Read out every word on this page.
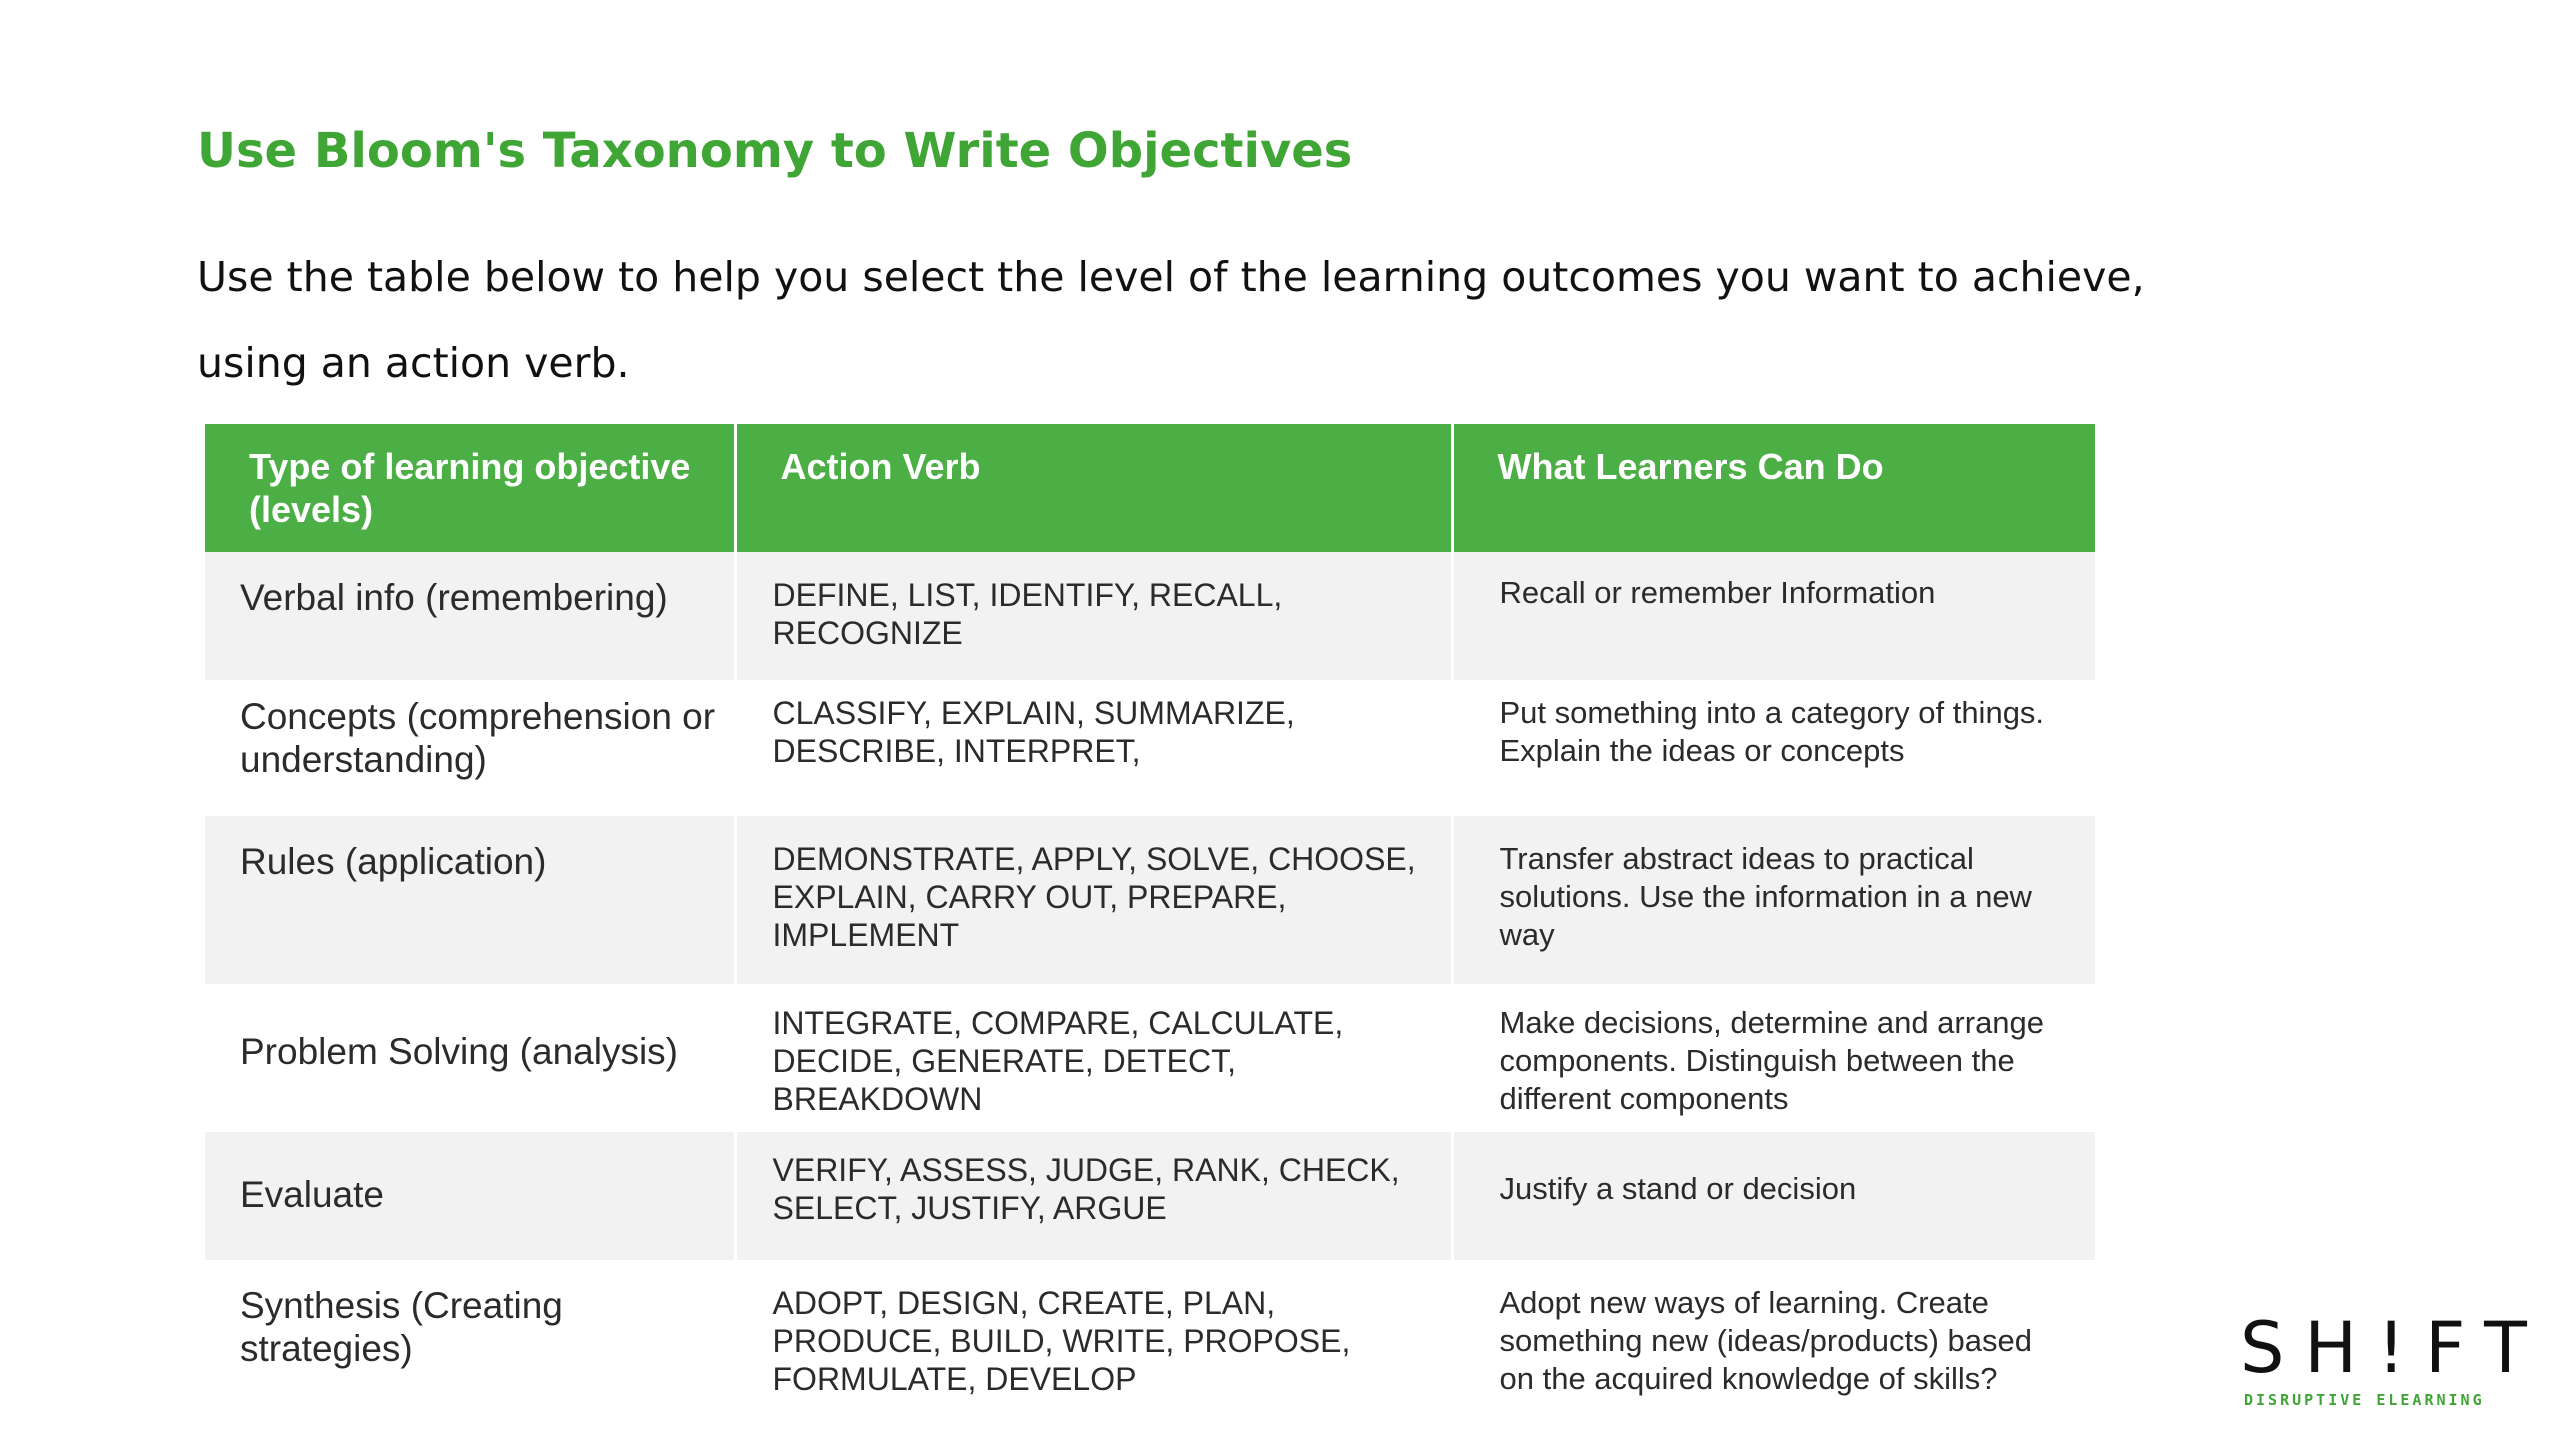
Use Bloom's Taxonomy to Write Objectives

Use the table below to help you select the level of the learning outcomes you want to achieve, using an action verb.

Type of learning objective (levels)	Action Verb	What Learners Can Do
Verbal info (remembering)	DEFINE, LIST, IDENTIFY, RECALL, RECOGNIZE	Recall or remember Information
Concepts (comprehension or understanding)	CLASSIFY, EXPLAIN, SUMMARIZE, DESCRIBE, INTERPRET,	Put something into a category of things. Explain the ideas or concepts
Rules (application)	DEMONSTRATE, APPLY, SOLVE, CHOOSE, EXPLAIN, CARRY OUT, PREPARE, IMPLEMENT	Transfer abstract ideas to practical solutions. Use the information in a new way
Problem Solving (analysis)	INTEGRATE, COMPARE, CALCULATE, DECIDE, GENERATE, DETECT, BREAKDOWN	Make decisions, determine and arrange components. Distinguish between the different components
Evaluate	VERIFY, ASSESS, JUDGE, RANK, CHECK, SELECT, JUSTIFY, ARGUE	Justify a stand or decision
Synthesis (Creating strategies)	ADOPT, DESIGN, CREATE, PLAN, PRODUCE, BUILD, WRITE, PROPOSE, FORMULATE, DEVELOP	Adopt new ways of learning. Create something new (ideas/products) based on the acquired knowledge of skills?	SH!FT
DISRUPTIVE ELEARNING
